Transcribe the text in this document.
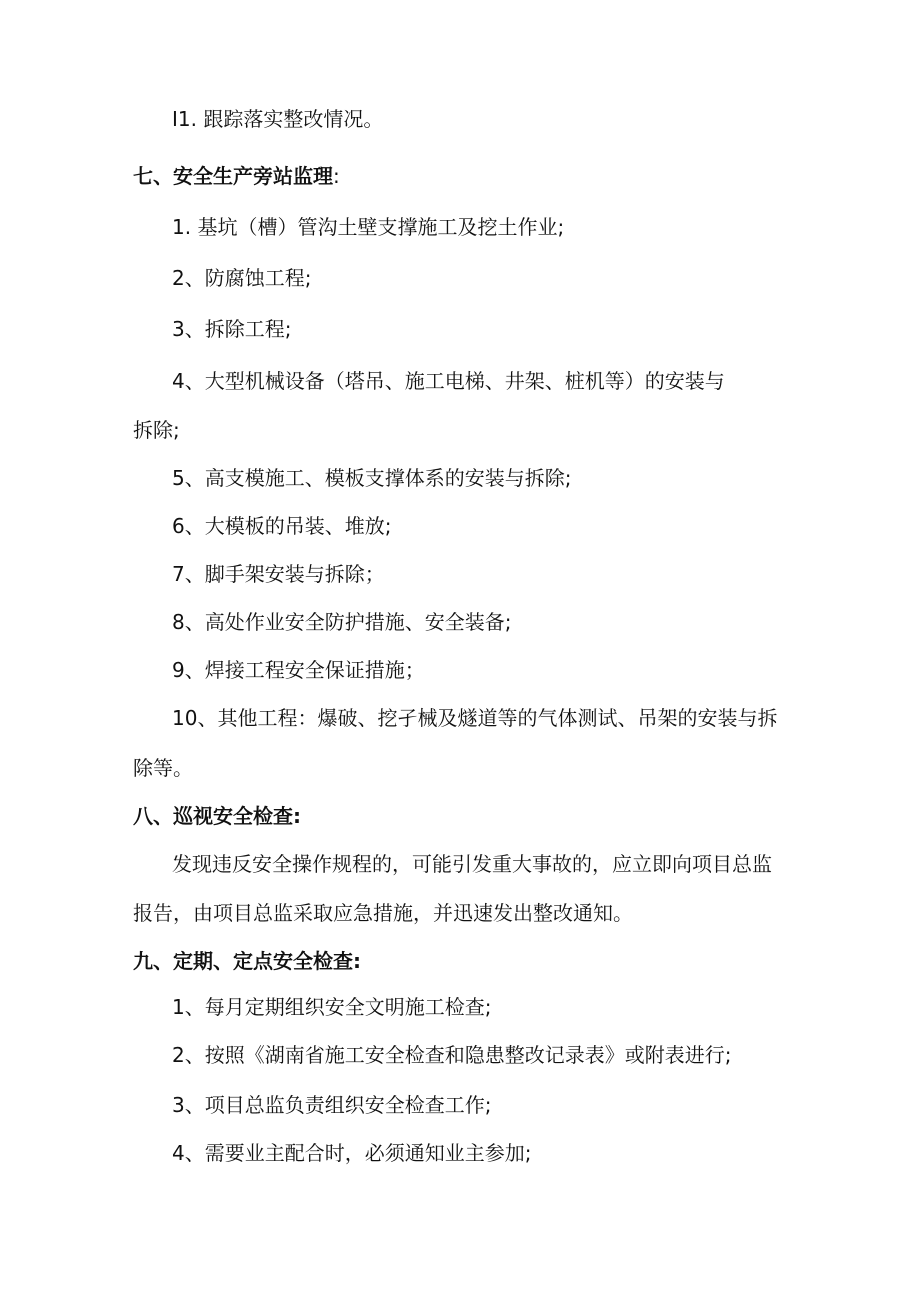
I1. 跟踪落实整改情况。
七、安全生产旁站监理:
1. 基坑（槽）管沟土壁支撑施工及挖土作业;
2、防腐蚀工程;
3、拆除工程;
4、大型机械设备（塔吊、施工电梯、井架、桩机等）的安装与
拆除;
5、高支模施工、模板支撑体系的安装与拆除;
6、大模板的吊装、堆放;
7、脚手架安装与拆除；
8、高处作业安全防护措施、安全装备;
9、焊接工程安全保证措施；
10、其他工程：爆破、挖孑械及燧道等的气体测试、吊架的安装与拆
除等。
八、巡视安全检查:
发现违反安全操作规程的，可能引发重大事故的，应立即向项目总监
报告，由项目总监采取应急措施，并迅速发出整改通知。
九、定期、定点安全检查:
1、每月定期组织安全文明施工检查;
2、按照《湖南省施工安全检查和隐患整改记录表》或附表进行;
3、项目总监负责组织安全检查工作;
4、需要业主配合时，必须通知业主参加;
